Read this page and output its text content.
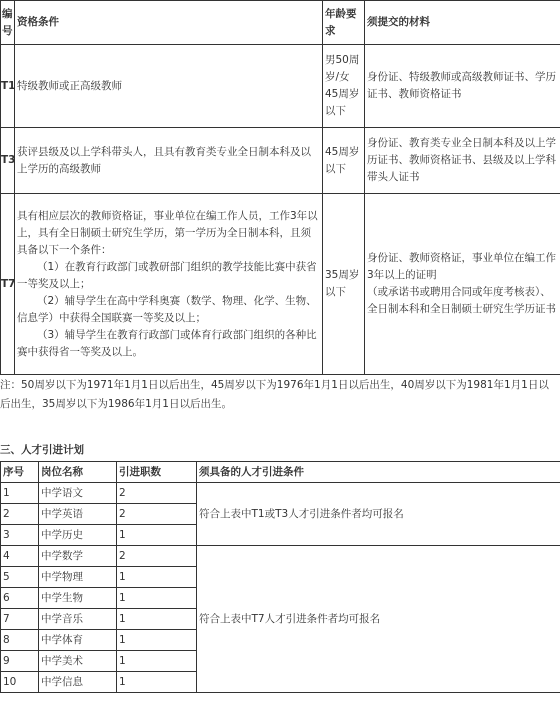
编号	资格条件	年龄要求	须提交的材料
T1	特级教师或正高级教师	男50周岁/女45周岁以下	身份证、特级教师或高级教师证书、学历证书、教师资格证书
T3	获评县级及以上学科带头人，且具有教育类专业全日制本科及以上学历的高级教师	45周岁以下	身份证、教育类专业全日制本科及以上学历证书、教师资格证书、县级及以上学科带头人证书
T7	具有相应层次的教师资格证，事业单位在编工作人员，工作3年以上，具有全日制硕士研究生学历，第一学历为全日制本科，且须具备以下一个条件：
（1）在教育行政部门或教研部门组织的教学技能比赛中获省一等奖及以上；
（2）辅导学生在高中学科奥赛（数学、物理、化学、生物、信息学）中获得全国联赛一等奖及以上；
（3）辅导学生在教育行政部门或体育行政部门组织的各种比赛中获得省一等奖及以上。	35周岁以下	身份证、教师资格证，事业单位在编工作3年以上的证明
（或承诺书或聘用合同或年度考核表）、全日制本科和全日制硕士研究生学历证书
注：50周岁以下为1971年1月1日以后出生，45周岁以下为1976年1月1日以后出生，40周岁以下为1981年1月1日以后出生，35周岁以下为1986年1月1日以后出生。
三、人才引进计划
序号	岗位名称	引进职数	须具备的人才引进条件
1	中学语文	2	符合上表中T1或T3人才引进条件者均可报名
2	中学英语	2	
3	中学历史	1	
4	中学数学	2	符合上表中T7人才引进条件者均可报名
5	中学物理	1	
6	中学生物	1	
7	中学音乐	1	
8	中学体育	1	
9	中学美术	1	
10	中学信息	1	
